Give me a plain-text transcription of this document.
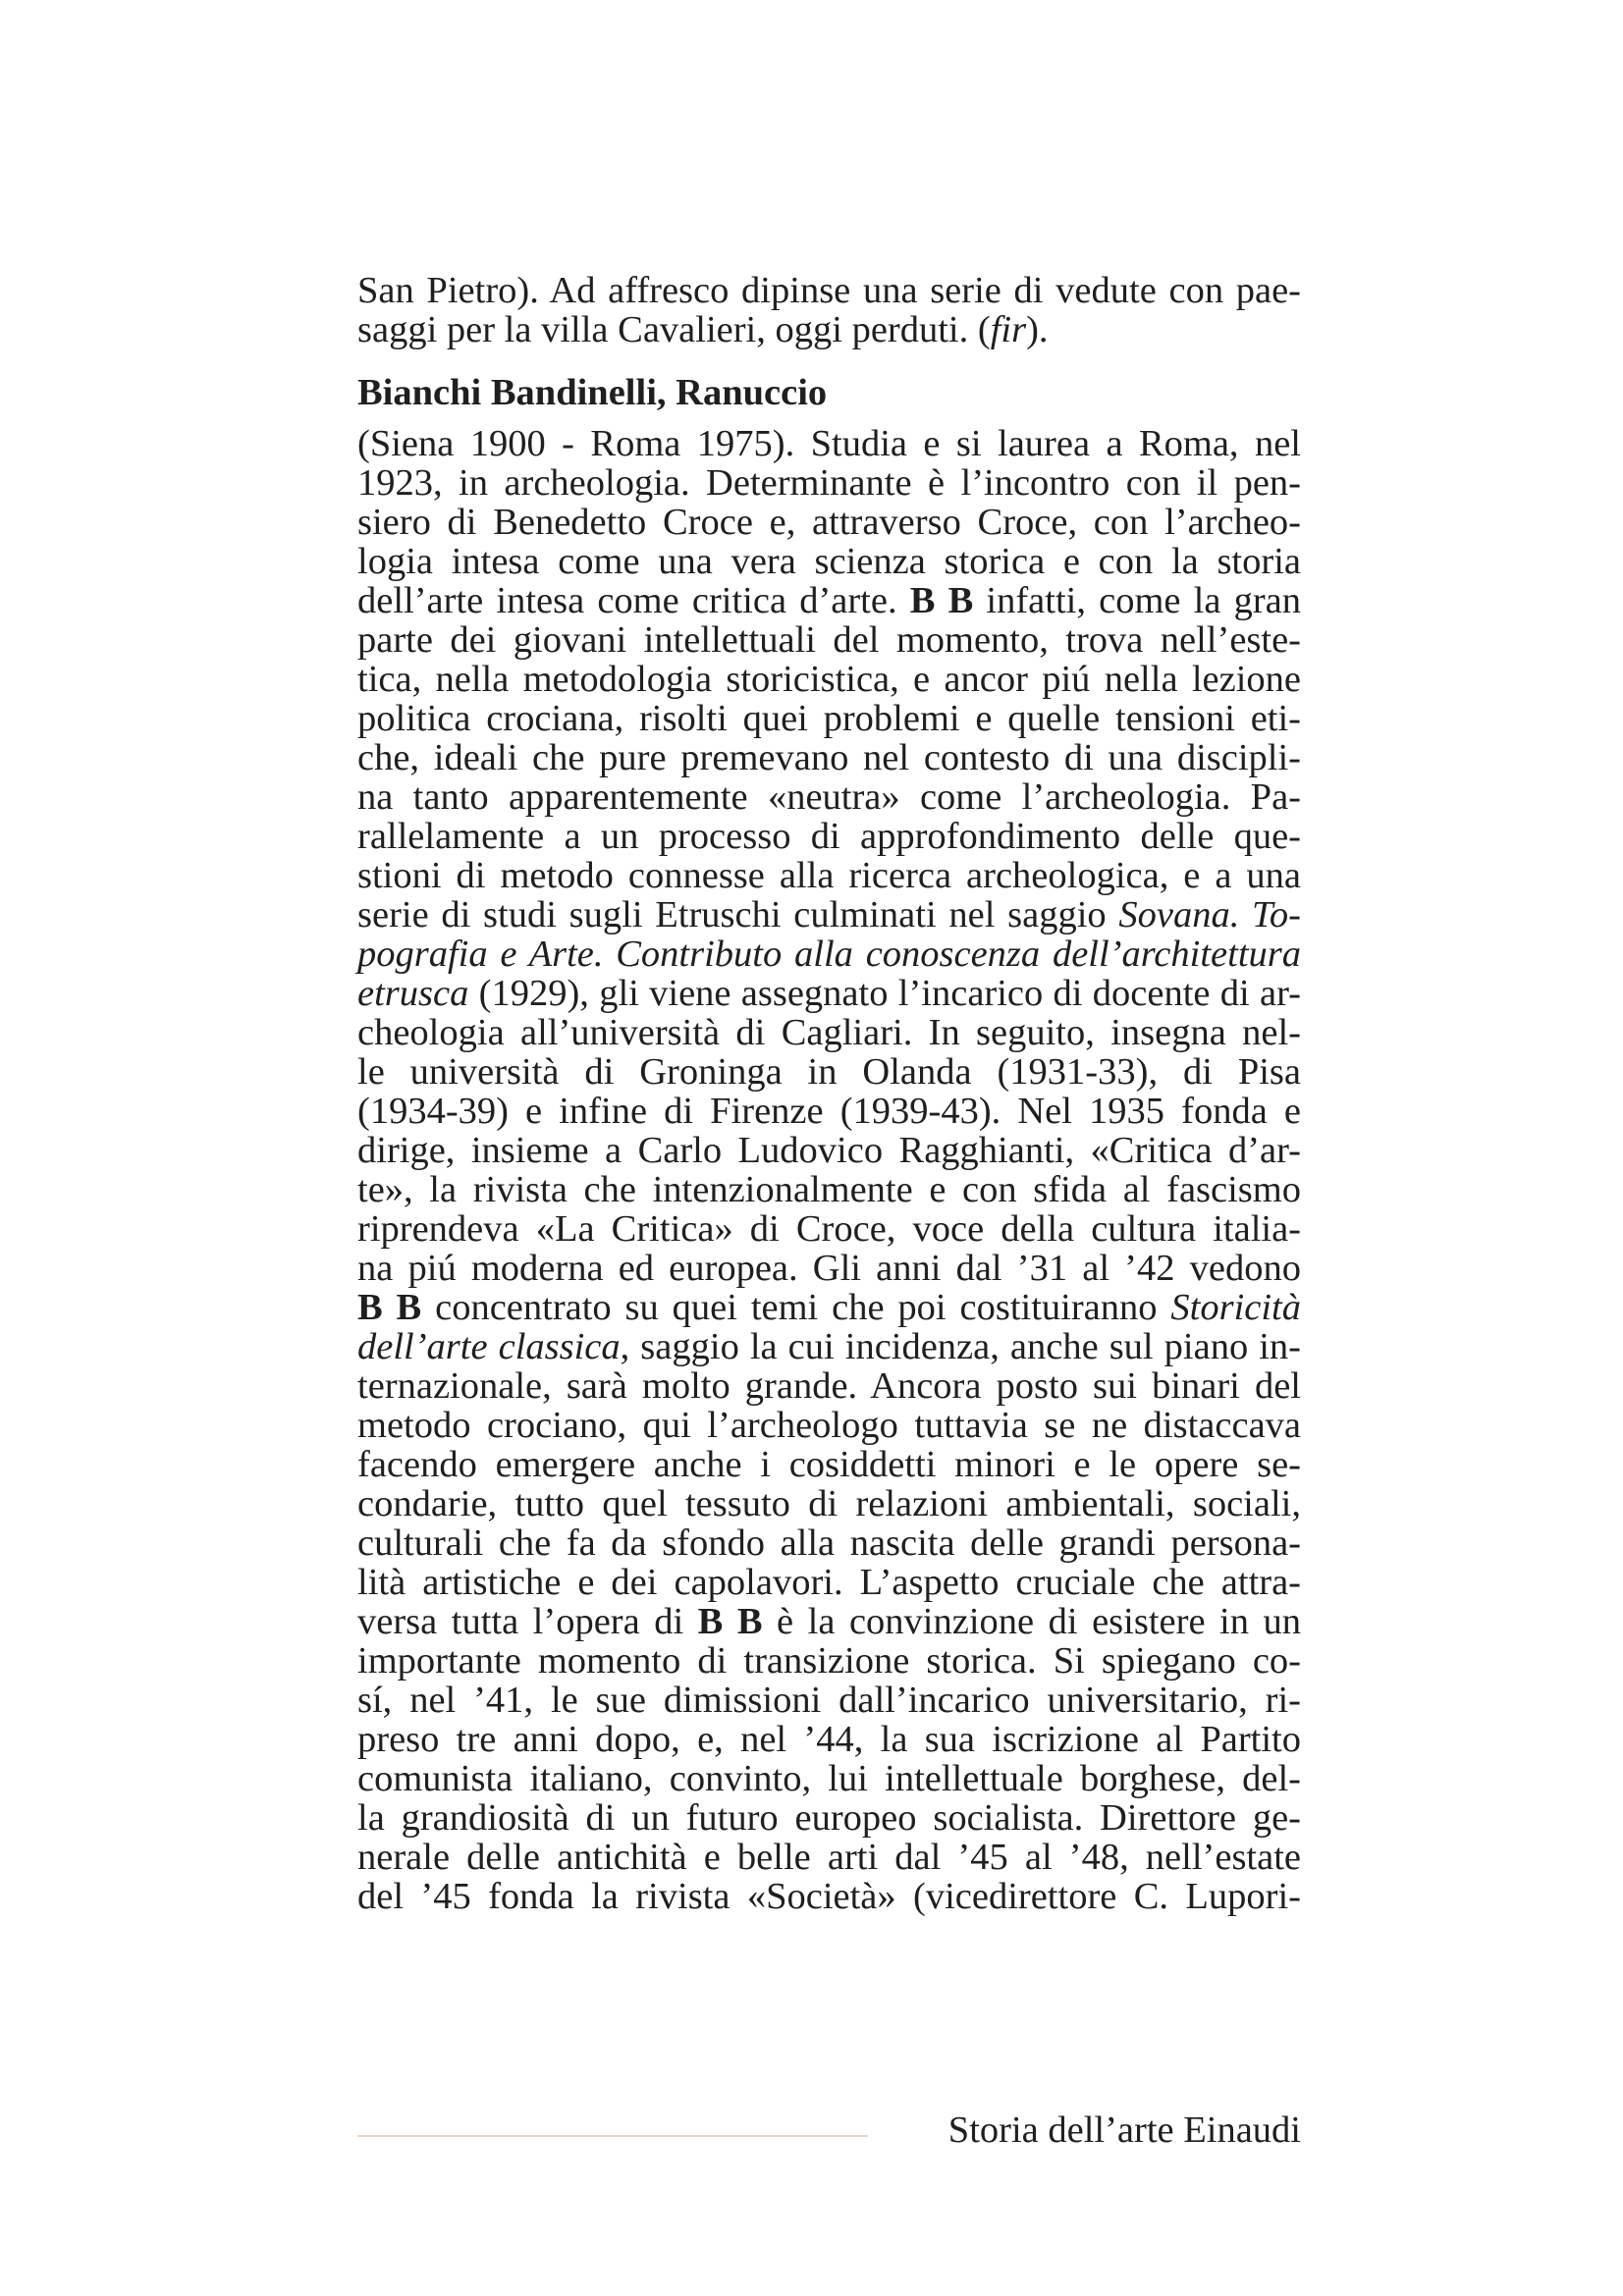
San Pietro). Ad affresco dipinse una serie di vedute con pae-
saggi per la villa Cavalieri, oggi perduti. (fir).
Bianchi Bandinelli, Ranuccio
(Siena 1900 - Roma 1975). Studia e si laurea a Roma, nel
1923, in archeologia. Determinante è l’incontro con il pen-
siero di Benedetto Croce e, attraverso Croce, con l’archeo-
logia intesa come una vera scienza storica e con la storia
dell’arte intesa come critica d’arte. B B infatti, come la gran
parte dei giovani intellettuali del momento, trova nell’este-
tica, nella metodologia storicistica, e ancor piú nella lezione
politica crociana, risolti quei problemi e quelle tensioni eti-
che, ideali che pure premevano nel contesto di una discipli-
na tanto apparentemente «neutra» come l’archeologia. Pa-
rallelamente a un processo di approfondimento delle que-
stioni di metodo connesse alla ricerca archeologica, e a una
serie di studi sugli Etruschi culminati nel saggio Sovana. To-
pografia e Arte. Contributo alla conoscenza dell’architettura
etrusca (1929), gli viene assegnato l’incarico di docente di ar-
cheologia all’università di Cagliari. In seguito, insegna nel-
le università di Groninga in Olanda (1931-33), di Pisa
(1934-39) e infine di Firenze (1939-43). Nel 1935 fonda e
dirige, insieme a Carlo Ludovico Ragghianti, «Critica d’ar-
te», la rivista che intenzionalmente e con sfida al fascismo
riprendeva «La Critica» di Croce, voce della cultura italia-
na piú moderna ed europea. Gli anni dal ’31 al ’42 vedono
B B concentrato su quei temi che poi costituiranno Storicità
dell’arte classica, saggio la cui incidenza, anche sul piano in-
ternazionale, sarà molto grande. Ancora posto sui binari del
metodo crociano, qui l’archeologo tuttavia se ne distaccava
facendo emergere anche i cosiddetti minori e le opere se-
condarie, tutto quel tessuto di relazioni ambientali, sociali,
culturali che fa da sfondo alla nascita delle grandi persona-
lità artistiche e dei capolavori. L’aspetto cruciale che attra-
versa tutta l’opera di B B è la convinzione di esistere in un
importante momento di transizione storica. Si spiegano co-
sí, nel ’41, le sue dimissioni dall’incarico universitario, ri-
preso tre anni dopo, e, nel ’44, la sua iscrizione al Partito
comunista italiano, convinto, lui intellettuale borghese, del-
la grandiosità di un futuro europeo socialista. Direttore ge-
nerale delle antichità e belle arti dal ’45 al ’48, nell’estate
del ’45 fonda la rivista «Società» (vicedirettore C. Lupori-
Storia dell’arte Einaudi
